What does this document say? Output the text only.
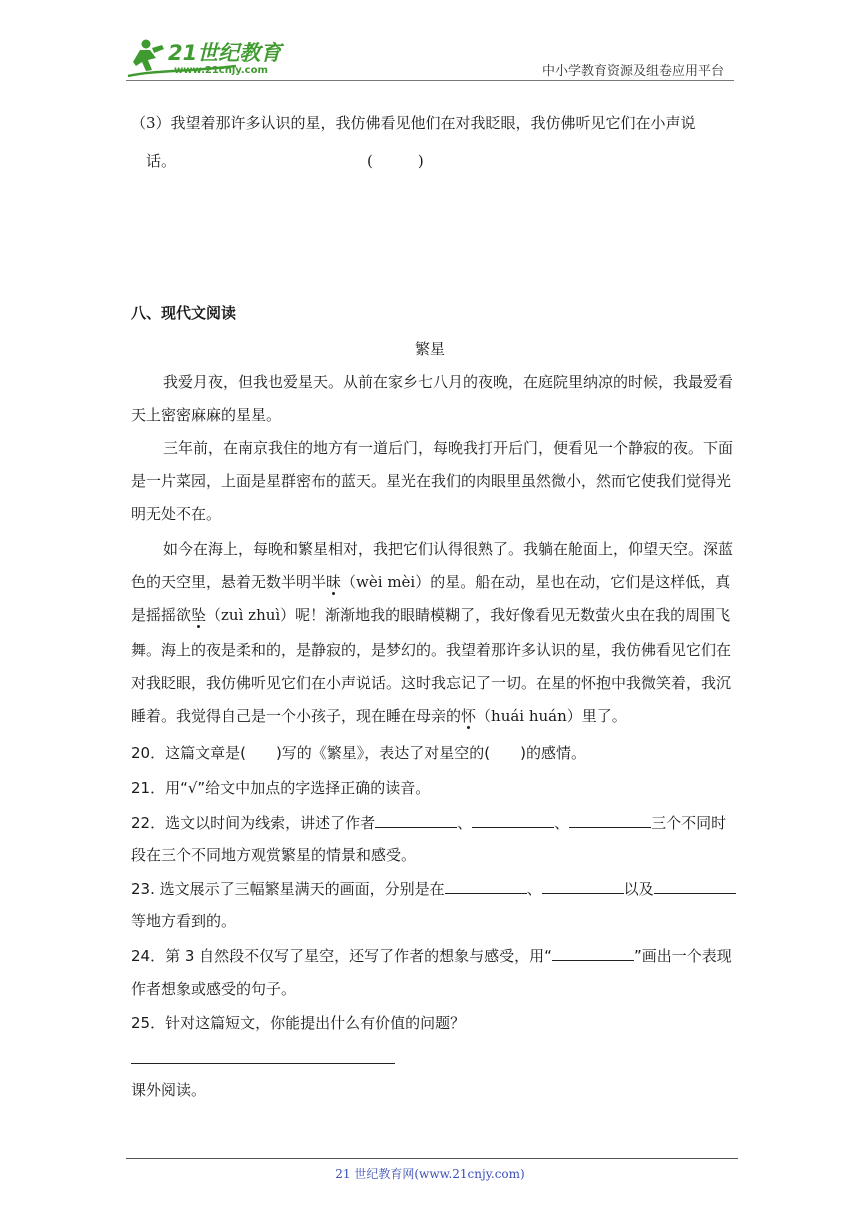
21世纪教育
www.21cnjy.com	中小学教育资源及组卷应用平台
（3）我望着那许多认识的星，我仿佛看见他们在对我眨眼，我仿佛听见它们在小声说
话。	(　　　)
八、现代文阅读
繁星
我爱月夜，但我也爱星天。从前在家乡七八月的夜晚，在庭院里纳凉的时候，我最爱看
天上密密麻麻的星星。
三年前，在南京我住的地方有一道后门，每晚我打开后门，便看见一个静寂的夜。下面
是一片菜园，上面是星群密布的蓝天。星光在我们的肉眼里虽然微小，然而它使我们觉得光
明无处不在。
如今在海上，每晚和繁星相对，我把它们认得很熟了。我躺在舱面上，仰望天空。深蓝
色的天空里，悬着无数半明半昧（wèi mèi）的星。船在动，星也在动，它们是这样低，真
是摇摇欲坠（zuì zhuì）呢！渐渐地我的眼睛模糊了，我好像看见无数萤火虫在我的周围飞
舞。海上的夜是柔和的，是静寂的，是梦幻的。我望着那许多认识的星，我仿佛看见它们在
对我眨眼，我仿佛听见它们在小声说话。这时我忘记了一切。在星的怀抱中我微笑着，我沉
睡着。我觉得自己是一个小孩子，现在睡在母亲的怀（huái huán）里了。
20．这篇文章是(　　)写的《繁星》，表达了对星空的(　　)的感情。
21．用“√”给文中加点的字选择正确的读音。
22．选文以时间为线索，讲述了作者	、	、	三个不同时
段在三个不同地方观赏繁星的情景和感受。
23. 选文展示了三幅繁星满天的画面，分别是在	、	以及
等地方看到的。
24．第 3 自然段不仅写了星空，还写了作者的想象与感受，用“	”画出一个表现
作者想象或感受的句子。
25．针对这篇短文，你能提出什么有价值的问题？
课外阅读。
21 世纪教育网(www.21cnjy.com)
